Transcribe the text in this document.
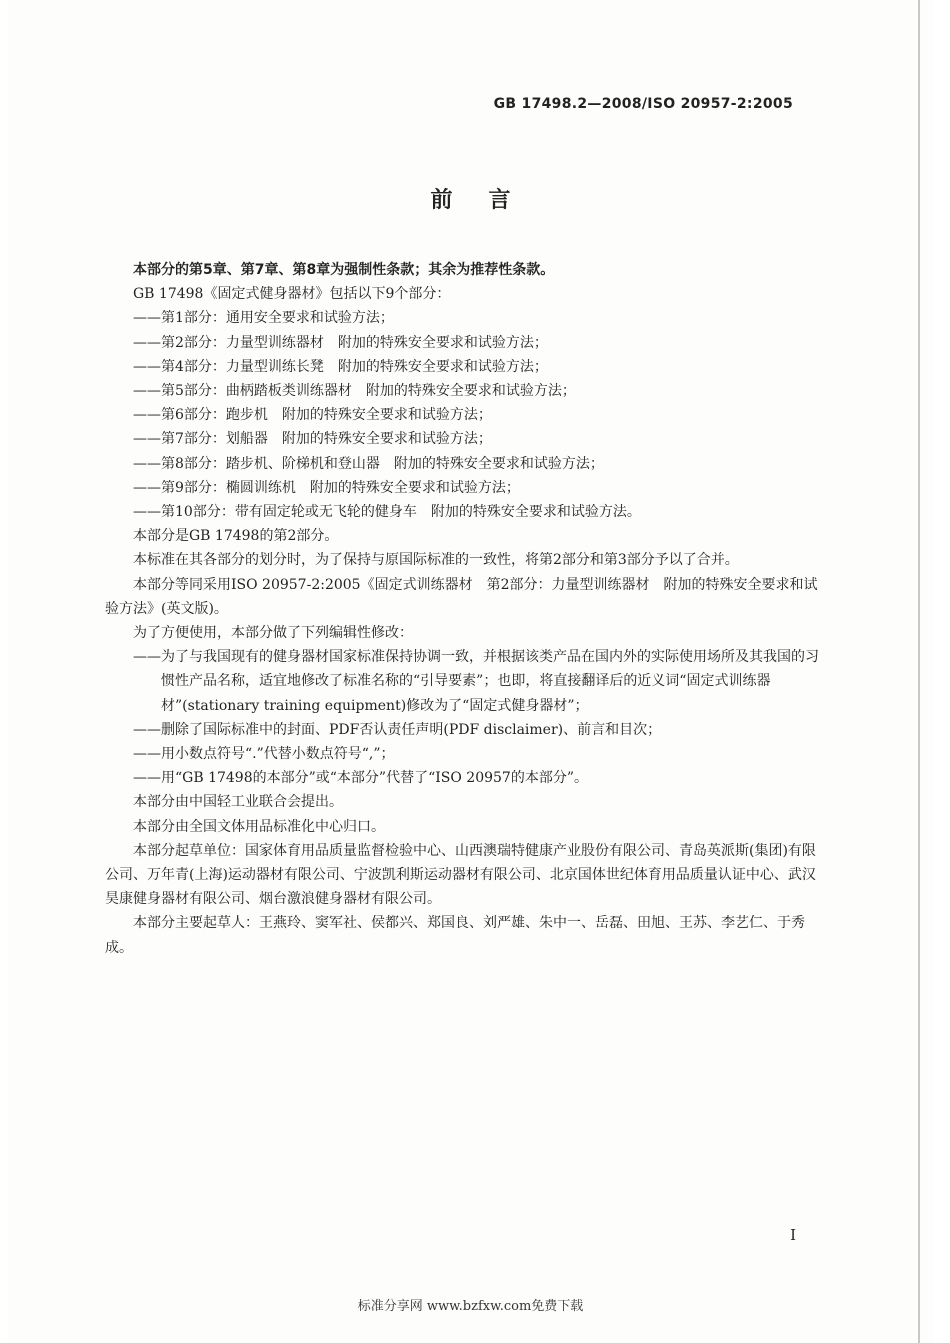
GB 17498.2—2008/ISO 20957-2:2005
前言

本部分的第5章、第7章、第8章为强制性条款；其余为推荐性条款。

GB 17498《固定式健身器材》包括以下9个部分：

——第1部分：通用安全要求和试验方法；

——第2部分：力量型训练器材　附加的特殊安全要求和试验方法；

——第4部分：力量型训练长凳　附加的特殊安全要求和试验方法；

——第5部分：曲柄踏板类训练器材　附加的特殊安全要求和试验方法；

——第6部分：跑步机　附加的特殊安全要求和试验方法；

——第7部分：划船器　附加的特殊安全要求和试验方法；

——第8部分：踏步机、阶梯机和登山器　附加的特殊安全要求和试验方法；

——第9部分：椭圆训练机　附加的特殊安全要求和试验方法；

——第10部分：带有固定轮或无飞轮的健身车　附加的特殊安全要求和试验方法。

本部分是GB 17498的第2部分。

本标准在其各部分的划分时，为了保持与原国际标准的一致性，将第2部分和第3部分予以了合并。

本部分等同采用ISO 20957-2:2005《固定式训练器材　第2部分：力量型训练器材　附加的特殊安全要求和试验方法》(英文版)。

为了方便使用，本部分做了下列编辑性修改：

——为了与我国现有的健身器材国家标准保持协调一致，并根据该类产品在国内外的实际使用场所及其我国的习惯性产品名称，适宜地修改了标准名称的“引导要素”；也即，将直接翻译后的近义词“固定式训练器材”(stationary training equipment)修改为了“固定式健身器材”；

——删除了国际标准中的封面、PDF否认责任声明(PDF disclaimer)、前言和目次；

——用小数点符号“.”代替小数点符号“,”；

——用“GB 17498的本部分”或“本部分”代替了“ISO 20957的本部分”。

本部分由中国轻工业联合会提出。

本部分由全国文体用品标准化中心归口。

本部分起草单位：国家体育用品质量监督检验中心、山西澳瑞特健康产业股份有限公司、青岛英派斯(集团)有限公司、万年青(上海)运动器材有限公司、宁波凯利斯运动器材有限公司、北京国体世纪体育用品质量认证中心、武汉昊康健身器材有限公司、烟台激浪健身器材有限公司。

本部分主要起草人：王燕玲、窦军社、侯都兴、郑国良、刘严雄、朱中一、岳磊、田旭、王苏、李艺仁、于秀成。

I
标准分享网 www.bzfxw.com免费下载
